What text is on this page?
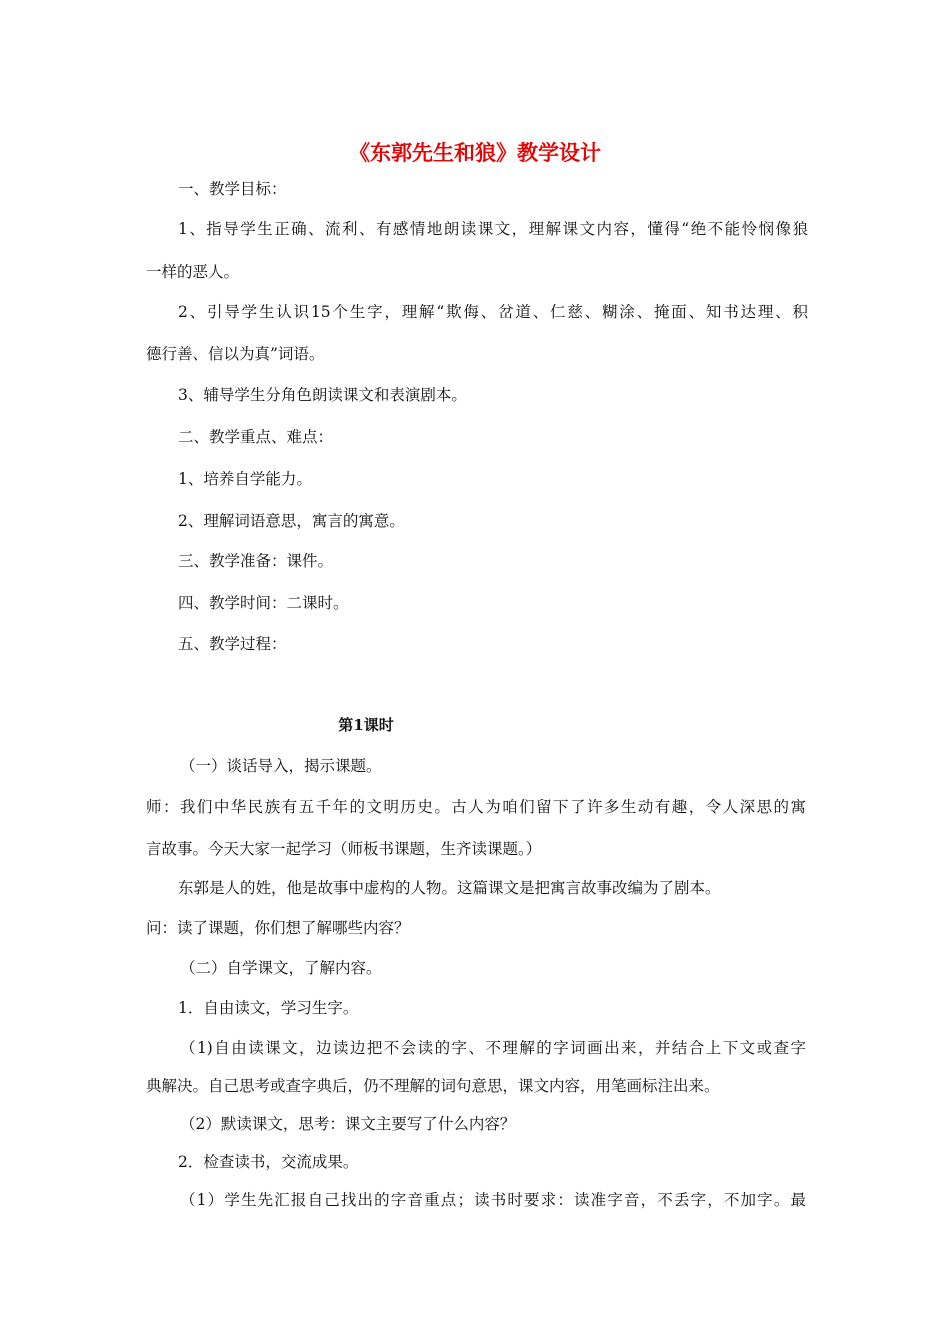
《东郭先生和狼》教学设计
一、教学目标：
1、指导学生正确、流利、有感情地朗读课文，理解课文内容，懂得“绝不能怜悯像狼
一样的恶人。
2、引导学生认识15个生字，理解“欺侮、岔道、仁慈、糊涂、掩面、知书达理、积
德行善、信以为真”词语。
3、辅导学生分角色朗读课文和表演剧本。
二、教学重点、难点：
1、培养自学能力。
2、理解词语意思，寓言的寓意。
三、教学准备：课件。
四、教学时间：二课时。
五、教学过程：
第1课时
（一）谈话导入，揭示课题。
师：我们中华民族有五千年的文明历史。古人为咱们留下了许多生动有趣，令人深思的寓
言故事。今天大家一起学习（师板书课题，生齐读课题。）
东郭是人的姓，他是故事中虚构的人物。这篇课文是把寓言故事改编为了剧本。
问：读了课题，你们想了解哪些内容？
（二）自学课文，了解内容。
1．自由读文，学习生字。
（1)自由读课文，边读边把不会读的字、不理解的字词画出来，并结合上下文或查字
典解决。自己思考或查字典后，仍不理解的词句意思，课文内容，用笔画标注出来。
（2）默读课文，思考：课文主要写了什么内容？
2．检查读书，交流成果。
（1）学生先汇报自己找出的字音重点；读书时要求：读准字音，不丢字，不加字。最
